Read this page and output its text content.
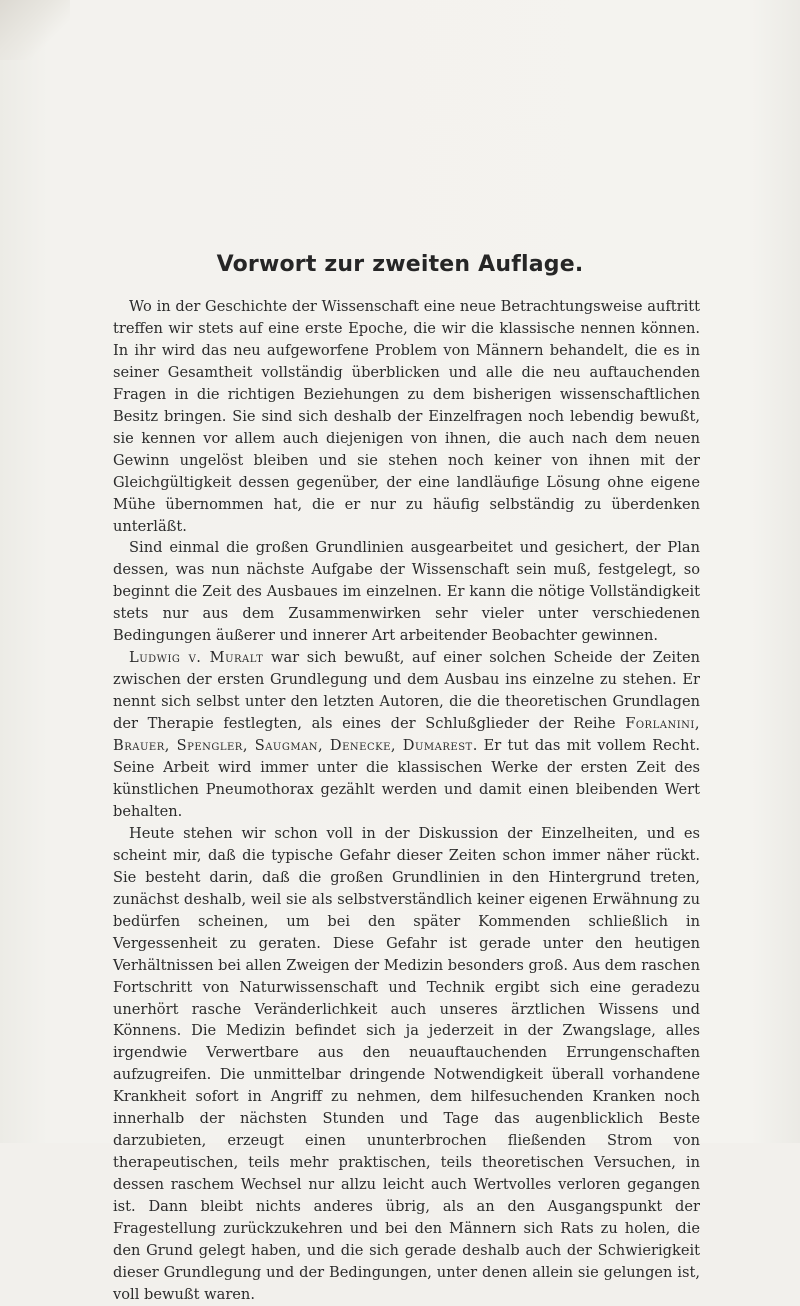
Vorwort zur zweiten Auflage.

Wo in der Geschichte der Wissenschaft eine neue Betrachtungsweise auftritt treffen wir stets auf eine erste Epoche, die wir die klassische nennen können. In ihr wird das neu aufgeworfene Problem von Männern behandelt, die es in seiner Gesamtheit vollständig überblicken und alle die neu auftauchenden Fragen in die richtigen Beziehungen zu dem bisherigen wissenschaftlichen Besitz bringen. Sie sind sich deshalb der Einzelfragen noch lebendig bewußt, sie kennen vor allem auch diejenigen von ihnen, die auch nach dem neuen Gewinn ungelöst bleiben und sie stehen noch keiner von ihnen mit der Gleichgültigkeit dessen gegenüber, der eine landläufige Lösung ohne eigene Mühe übernommen hat, die er nur zu häufig selbständig zu überdenken unterläßt.

Sind einmal die großen Grundlinien ausgearbeitet und gesichert, der Plan dessen, was nun nächste Aufgabe der Wissenschaft sein muß, festgelegt, so beginnt die Zeit des Ausbaues im einzelnen. Er kann die nötige Vollständigkeit stets nur aus dem Zusammenwirken sehr vieler unter verschiedenen Bedingungen äußerer und innerer Art arbeitender Beobachter gewinnen.

Ludwig v. Muralt war sich bewußt, auf einer solchen Scheide der Zeiten zwischen der ersten Grundlegung und dem Ausbau ins einzelne zu stehen. Er nennt sich selbst unter den letzten Autoren, die die theoretischen Grundlagen der Therapie festlegten, als eines der Schlußglieder der Reihe Forlanini, Brauer, Spengler, Saugman, Denecke, Dumarest. Er tut das mit vollem Recht. Seine Arbeit wird immer unter die klassischen Werke der ersten Zeit des künstlichen Pneumothorax gezählt werden und damit einen bleibenden Wert behalten.

Heute stehen wir schon voll in der Diskussion der Einzelheiten, und es scheint mir, daß die typische Gefahr dieser Zeiten schon immer näher rückt. Sie besteht darin, daß die großen Grundlinien in den Hintergrund treten, zunächst deshalb, weil sie als selbstverständlich keiner eigenen Erwähnung zu bedürfen scheinen, um bei den später Kommenden schließlich in Vergessenheit zu geraten. Diese Gefahr ist gerade unter den heutigen Verhältnissen bei allen Zweigen der Medizin besonders groß. Aus dem raschen Fortschritt von Naturwissenschaft und Technik ergibt sich eine geradezu unerhört rasche Veränderlichkeit auch unseres ärztlichen Wissens und Könnens. Die Medizin befindet sich ja jederzeit in der Zwangslage, alles irgendwie Verwertbare aus den neuauftauchenden Errungenschaften aufzugreifen. Die unmittelbar dringende Notwendigkeit überall vorhandene Krankheit sofort in Angriff zu nehmen, dem hilfesuchenden Kranken noch innerhalb der nächsten Stunden und Tage das augenblicklich Beste darzubieten, erzeugt einen ununterbrochen fließenden Strom von therapeutischen, teils mehr praktischen, teils theoretischen Versuchen, in dessen raschem Wechsel nur allzu leicht auch Wertvolles verloren gegangen ist. Dann bleibt nichts anderes übrig, als an den Ausgangspunkt der Fragestellung zurückzukehren und bei den Männern sich Rats zu holen, die den Grund gelegt haben, und die sich gerade deshalb auch der Schwierigkeit dieser Grundlegung und der Bedingungen, unter denen allein sie gelungen ist, voll bewußt waren.
